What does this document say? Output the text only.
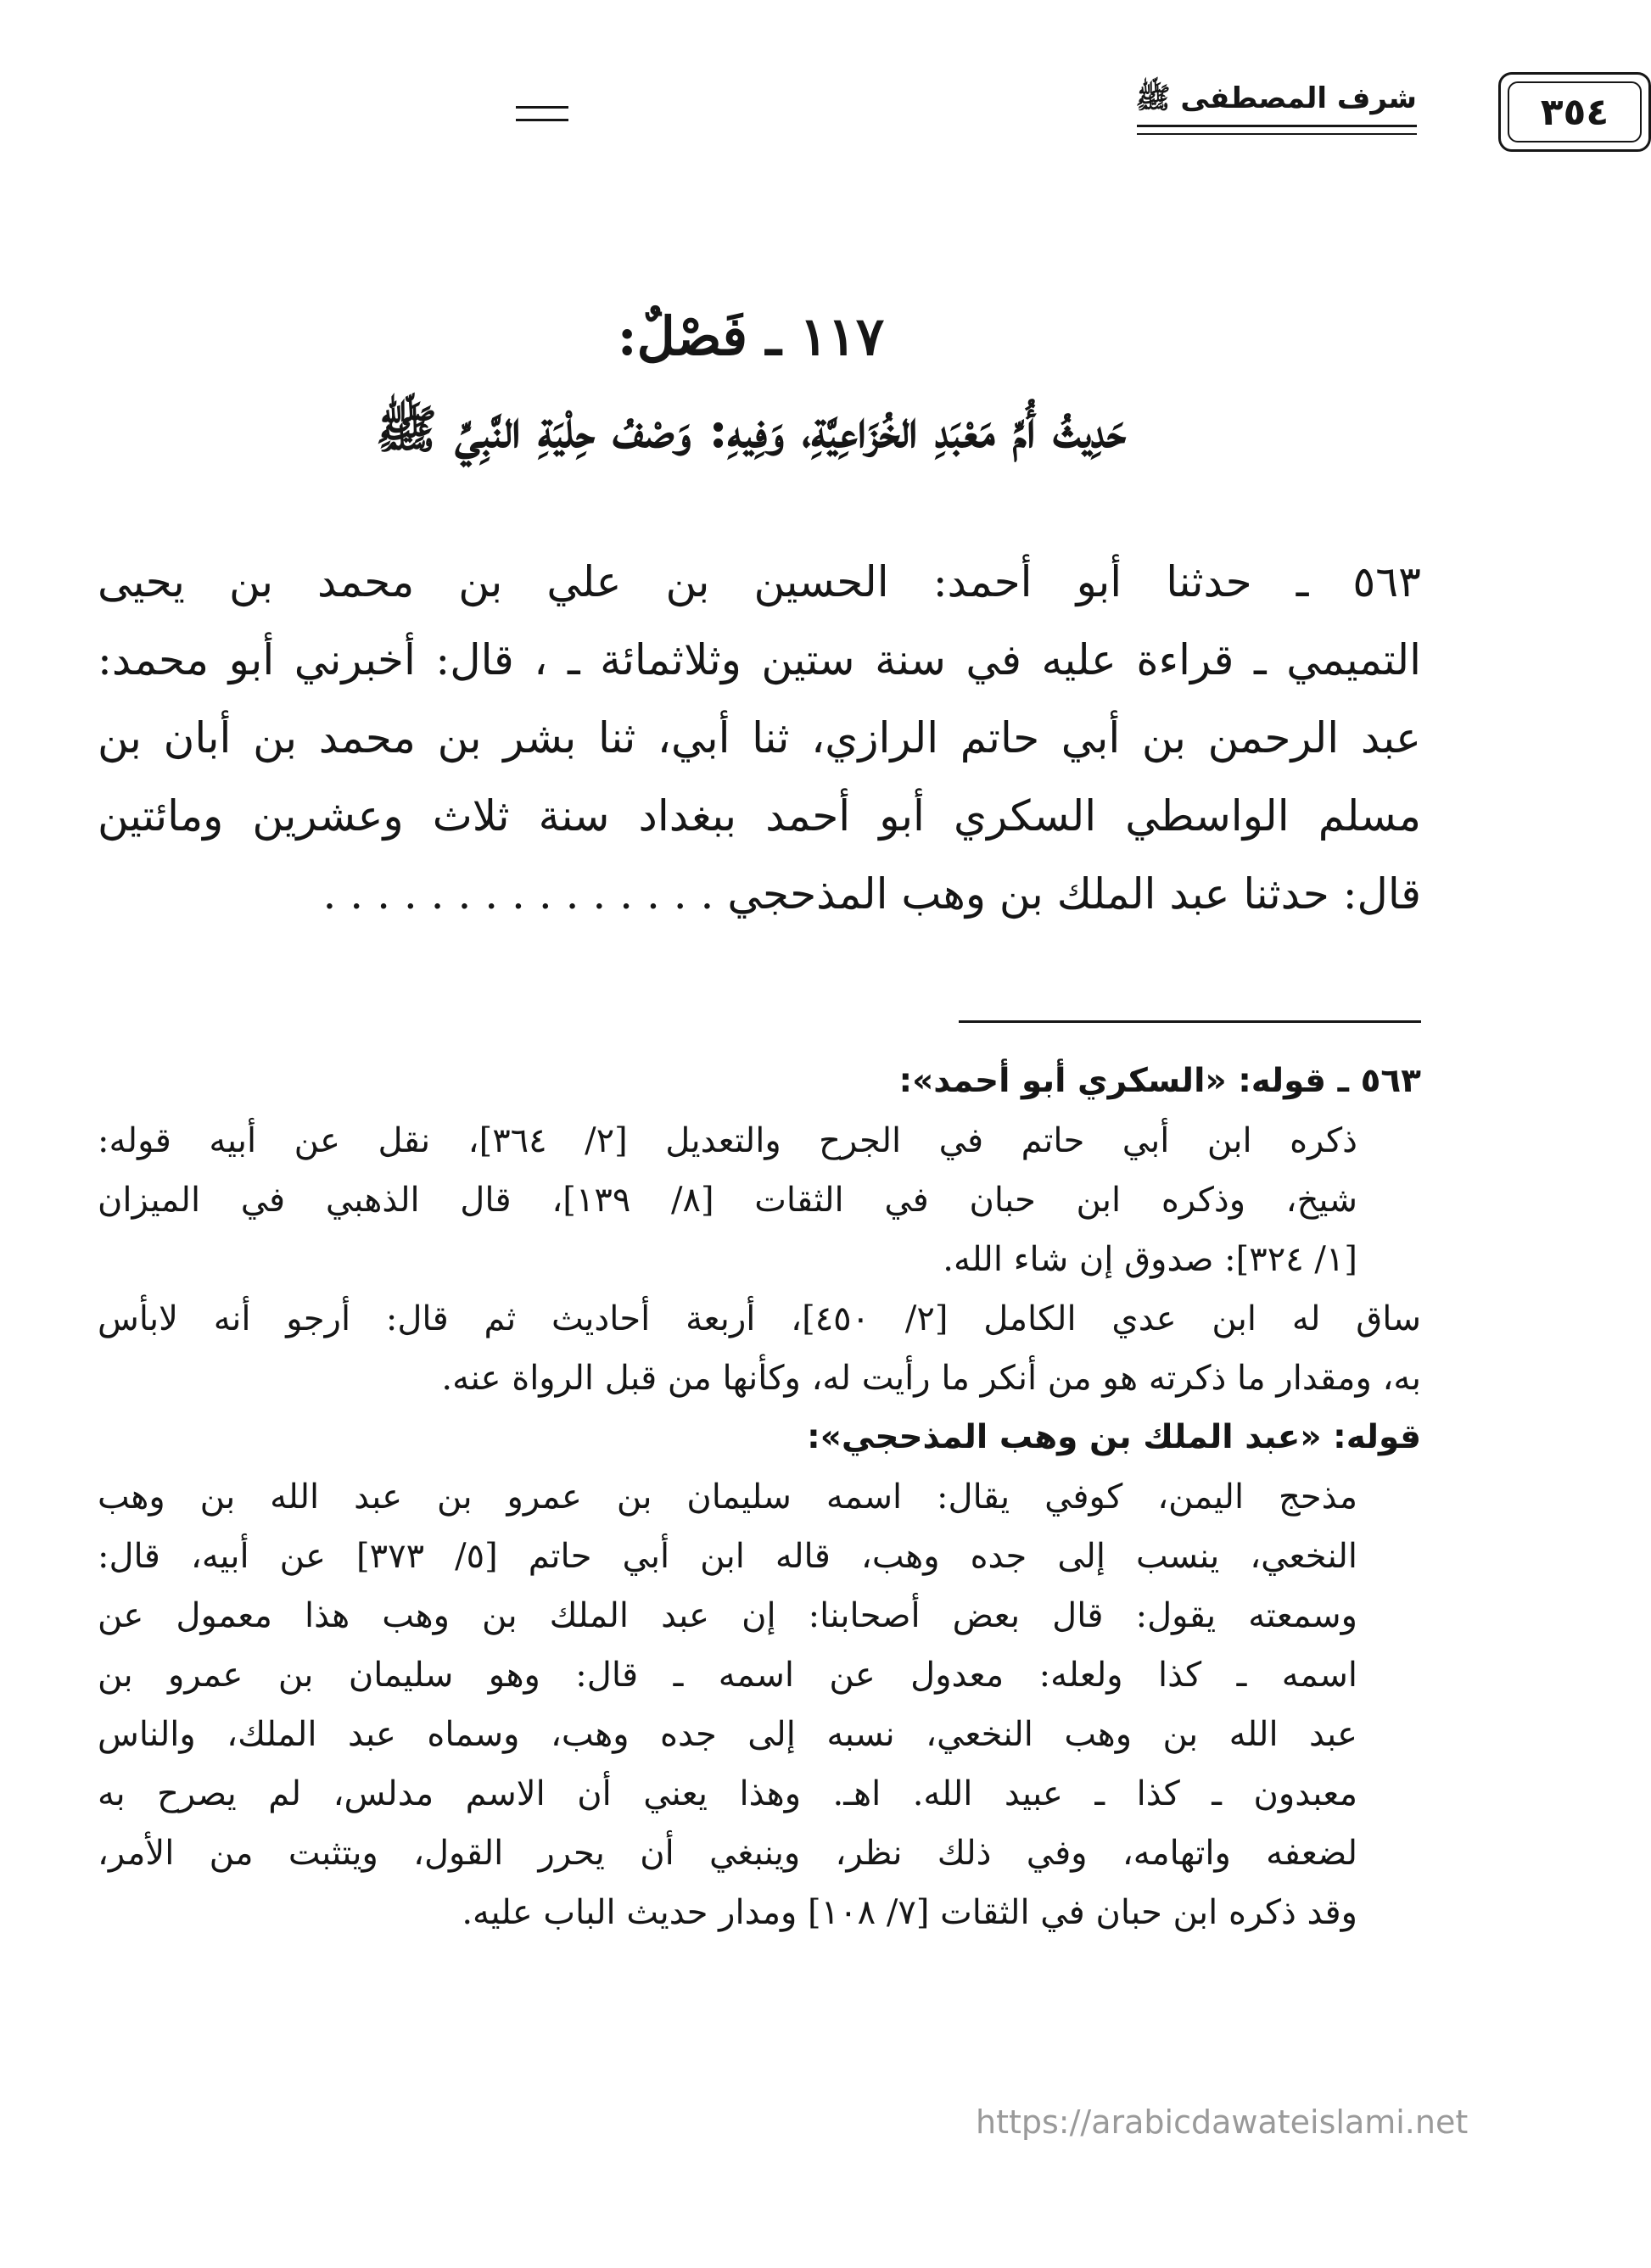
٣٥٤
شرف المصطفى ﷺ
١١٧ ـ فَصْلٌ:
حَدِيثُ أُمِّ مَعْبَدِ الخُزَاعِيَّةِ، وَفِيهِ: وَصْفُ حِلْيَةِ النَّبِيِّ ﷺ
٥٦٣ ـ حدثنا أبو أحمد: الحسين بن علي بن محمد بن يحيى
التميمي ـ قراءة عليه في سنة ستين وثلاثمائة ـ ، قال: أخبرني أبو محمد:
عبد الرحمن بن أبي حاتم الرازي، ثنا أبي، ثنا بشر بن محمد بن أبان بن
مسلم الواسطي السكري أبو أحمد ببغداد سنة ثلاث وعشرين ومائتين
قال: حدثنا عبد الملك بن وهب المذحجي . . . . . . . . . . . . . . .
٥٦٣ ـ قوله: «السكري أبو أحمد»:
ذكره ابن أبي حاتم في الجرح والتعديل [٢/ ٣٦٤]، نقل عن أبيه قوله:
شيخ، وذكره ابن حبان في الثقات [٨/ ١٣٩]، قال الذهبي في الميزان
[١/ ٣٢٤]: صدوق إن شاء الله.
ساق له ابن عدي الكامل [٢/ ٤٥٠]، أربعة أحاديث ثم قال: أرجو أنه لابأس
به، ومقدار ما ذكرته هو من أنكر ما رأيت له، وكأنها من قبل الرواة عنه.
قوله: «عبد الملك بن وهب المذحجي»:
مذحج اليمن، كوفي يقال: اسمه سليمان بن عمرو بن عبد الله بن وهب
النخعي، ينسب إلى جده وهب، قاله ابن أبي حاتم [٥/ ٣٧٣] عن أبيه، قال:
وسمعته يقول: قال بعض أصحابنا: إن عبد الملك بن وهب هذا معمول عن
اسمه ـ كذا ولعله: معدول عن اسمه ـ قال: وهو سليمان بن عمرو بن
عبد الله بن وهب النخعي، نسبه إلى جده وهب، وسماه عبد الملك، والناس
معبدون ـ كذا ـ عبيد الله. اهـ. وهذا يعني أن الاسم مدلس، لم يصرح به
لضعفه واتهامه، وفي ذلك نظر، وينبغي أن يحرر القول، ويتثبت من الأمر،
وقد ذكره ابن حبان في الثقات [٧/ ١٠٨] ومدار حديث الباب عليه.
https://arabicdawateislami.net
